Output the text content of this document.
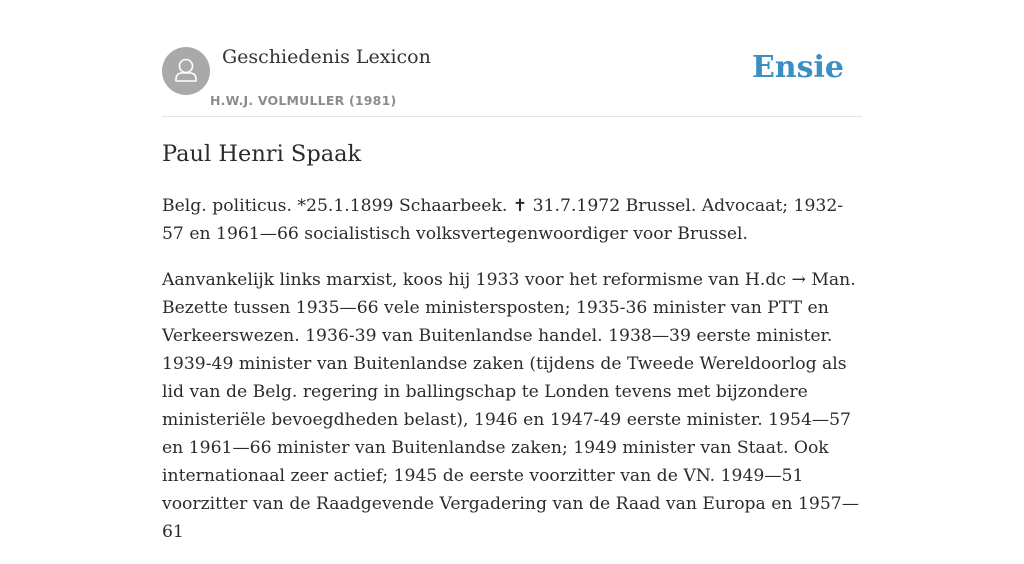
Geschiedenis Lexicon
H.W.J. VOLMULLER (1981)
Ensie
Paul Henri Spaak

Belg. politicus. *25.1.1899 Schaarbeek. ✝ 31.7.1972 Brussel. Advocaat; 1932-57 en 1961—66 socialistisch volksvertegenwoordiger voor Brussel.

Aanvankelijk links marxist, koos hij 1933 voor het reformisme van H.dc → Man. Bezette tussen 1935—66 vele ministersposten; 1935-36 minister van PTT en Verkeerswezen. 1936-39 van Buitenlandse handel. 1938—39 eerste minister. 1939-49 minister van Buitenlandse zaken (tijdens de Tweede Wereldoorlog als lid van de Belg. regering in ballingschap te Londen tevens met bijzondere ministeriële bevoegdheden belast), 1946 en 1947-49 eerste minister. 1954—57 en 1961—66 minister van Buitenlandse zaken; 1949 minister van Staat. Ook internationaal zeer actief; 1945 de eerste voorzitter van de VN. 1949—51 voorzitter van de Raadgevende Vergadering van de Raad van Europa en 1957—61
